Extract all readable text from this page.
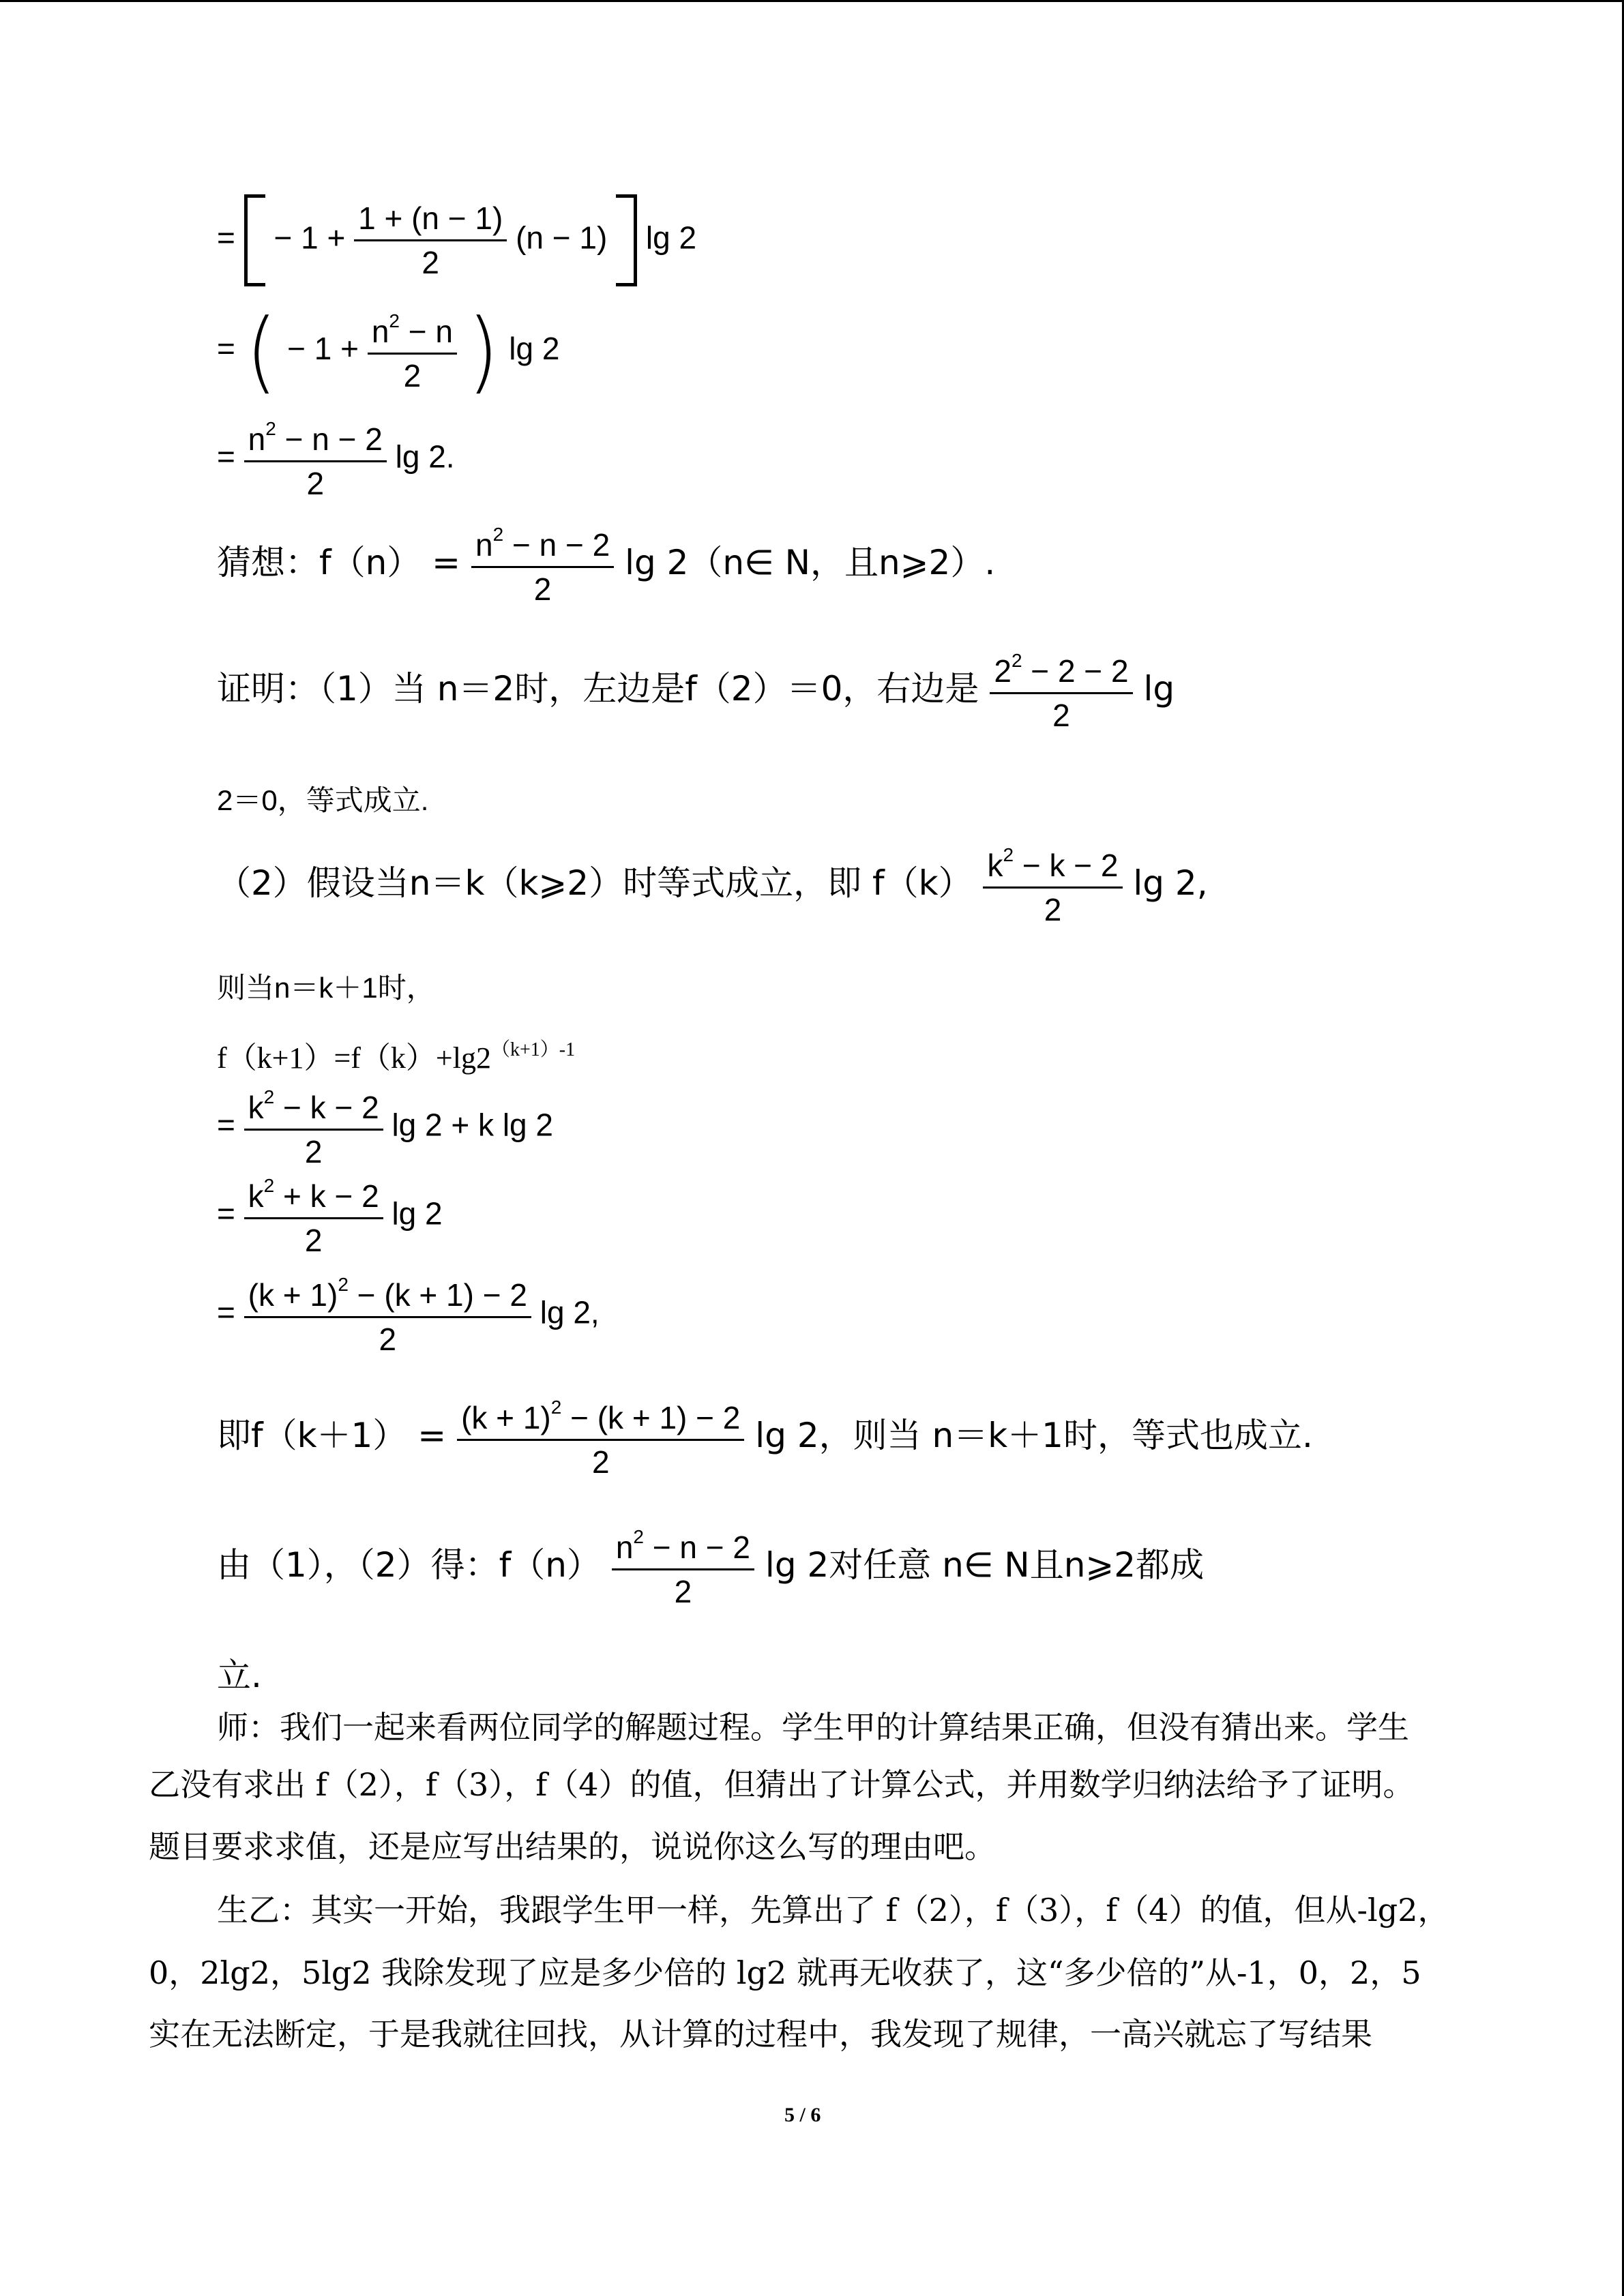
= − $1 + \frac{1 + (n - 1)}{2} (n - 1)$ lg 2
= ( − $1 + \frac{n^2 - n}{2}$ ) lg 2
= $\frac{n^2 - n - 2}{2}$ lg 2.
猜想：$f(n) = \frac{n^2 - n - 2}{2}$ lg 2（n∈ N，且n⩾2）.
证明：（1）当 n＝2时，左边是f（2）＝0，右边是 $\frac{2^2 - 2 - 2}{2}$ lg
2＝0，等式成立.
（2）假设当n＝k（k⩾2）时等式成立，即 $f(k) \frac{k^2 - k - 2}{2}$ lg 2,
则当n＝k＋1时，
$f(k+1)=f(k)+\lg 2^{(k+1)-1}$
= $\frac{k^2 - k - 2}{2}$ lg 2 + k lg 2
= $\frac{k^2 + k - 2}{2}$ lg 2
= $\frac{(k + 1)^2 - (k + 1) - 2}{2}$ lg 2,
即$f(k+1) = \frac{(k + 1)^2 - (k + 1) - 2}{2}$ lg 2，则当 n＝k＋1时，等式也成立.
由（1），（2）得：$f(n) \frac{n^2 - n - 2}{2}$ lg 2对任意 n∈ N且n⩾2都成
立.
师：我们一起来看两位同学的解题过程。学生甲的计算结果正确，但没有猜出来。学生
乙没有求出 f（2），f（3），f（4）的值，但猜出了计算公式，并用数学归纳法给予了证明。
题目要求求值，还是应写出结果的，说说你这么写的理由吧。
生乙：其实一开始，我跟学生甲一样，先算出了 f（2），f（3），f（4）的值，但从-lg2，
0，2lg2，5lg2 我除发现了应是多少倍的 lg2 就再无收获了，这“多少倍的”从-1，0，2，5
实在无法断定，于是我就往回找，从计算的过程中，我发现了规律，一高兴就忘了写结果
5 / 6
